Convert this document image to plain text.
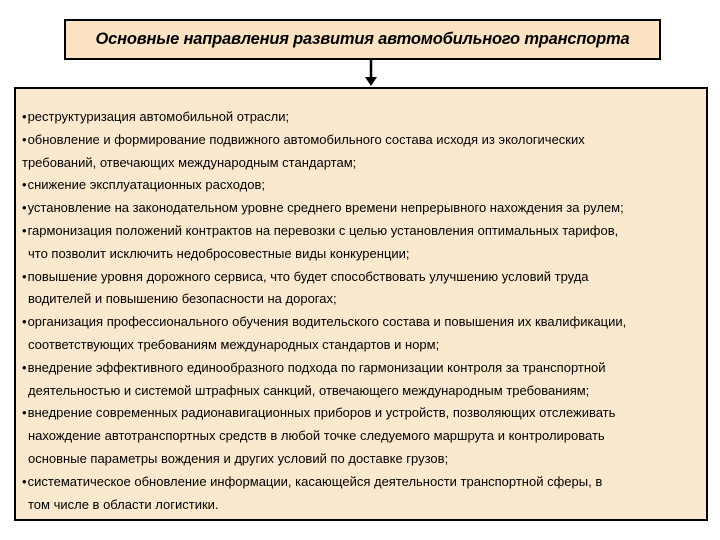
Основные направления развития автомобильного транспорта
• реструктуризация автомобильной отрасли;
• обновление и формирование подвижного автомобильного состава исходя из экологических
требований, отвечающих международным стандартам;
• снижение эксплуатационных расходов;
• установление на законодательном уровне среднего времени непрерывного нахождения за рулем;
• гармонизация положений контрактов на перевозки с целью установления оптимальных тарифов,
что позволит исключить недобросовестные виды конкуренции;
• повышение уровня дорожного сервиса, что будет способствовать улучшению условий труда
водителей и повышению безопасности на дорогах;
• организация профессионального обучения водительского состава и повышения их квалификации,
соответствующих требованиям международных стандартов и норм;
• внедрение эффективного единообразного подхода по гармонизации контроля за транспортной
деятельностью и системой штрафных санкций, отвечающего международным требованиям;
• внедрение современных радионавигационных приборов и устройств, позволяющих отслеживать
нахождение автотранспортных средств в любой точке следуемого маршрута и контролировать
основные параметры вождения и других условий по доставке грузов;
• систематическое обновление информации, касающейся деятельности транспортной сферы, в
том числе в области логистики.
